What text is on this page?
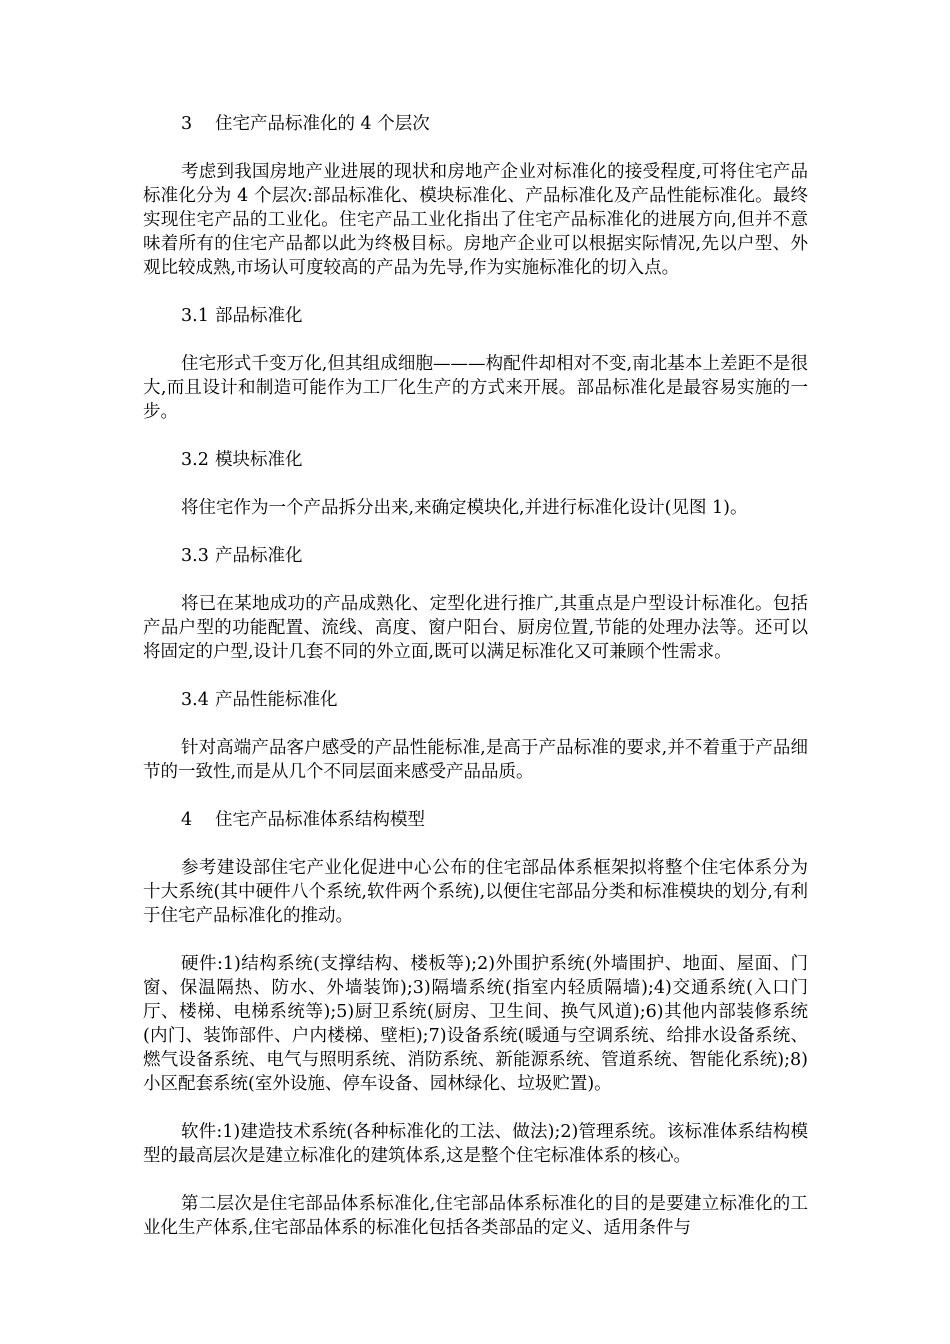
3 住宅产品标准化的 4 个层次

考虑到我国房地产业进展的现状和房地产企业对标准化的接受程度,可将住宅产品标准化分为 4 个层次:部品标准化、模块标准化、产品标准化及产品性能标准化。最终实现住宅产品的工业化。住宅产品工业化指出了住宅产品标准化的进展方向,但并不意味着所有的住宅产品都以此为终极目标。房地产企业可以根据实际情况,先以户型、外观比较成熟,市场认可度较高的产品为先导,作为实施标准化的切入点。

3.1 部品标准化

住宅形式千变万化,但其组成细胞———构配件却相对不变,南北基本上差距不是很大,而且设计和制造可能作为工厂化生产的方式来开展。部品标准化是最容易实施的一步。

3.2 模块标准化

将住宅作为一个产品拆分出来,来确定模块化,并进行标准化设计(见图 1)。

3.3 产品标准化

将已在某地成功的产品成熟化、定型化进行推广,其重点是户型设计标准化。包括产品户型的功能配置、流线、高度、窗户阳台、厨房位置,节能的处理办法等。还可以将固定的户型,设计几套不同的外立面,既可以满足标准化又可兼顾个性需求。

3.4 产品性能标准化

针对高端产品客户感受的产品性能标准,是高于产品标准的要求,并不着重于产品细节的一致性,而是从几个不同层面来感受产品品质。

4 住宅产品标准体系结构模型

参考建设部住宅产业化促进中心公布的住宅部品体系框架拟将整个住宅体系分为十大系统(其中硬件八个系统,软件两个系统),以便住宅部品分类和标准模块的划分,有利于住宅产品标准化的推动。

硬件:1)结构系统(支撑结构、楼板等);2)外围护系统(外墙围护、地面、屋面、门窗、保温隔热、防水、外墙装饰);3)隔墙系统(指室内轻质隔墙);4)交通系统(入口门厅、楼梯、电梯系统等);5)厨卫系统(厨房、卫生间、换气风道);6)其他内部装修系统(内门、装饰部件、户内楼梯、壁柜);7)设备系统(暖通与空调系统、给排水设备系统、燃气设备系统、电气与照明系统、消防系统、新能源系统、管道系统、智能化系统);8)小区配套系统(室外设施、停车设备、园林绿化、垃圾贮置)。

软件:1)建造技术系统(各种标准化的工法、做法);2)管理系统。该标准体系结构模型的最高层次是建立标准化的建筑体系,这是整个住宅标准体系的核心。

第二层次是住宅部品体系标准化,住宅部品体系标准化的目的是要建立标准化的工业化生产体系,住宅部品体系的标准化包括各类部品的定义、适用条件与
